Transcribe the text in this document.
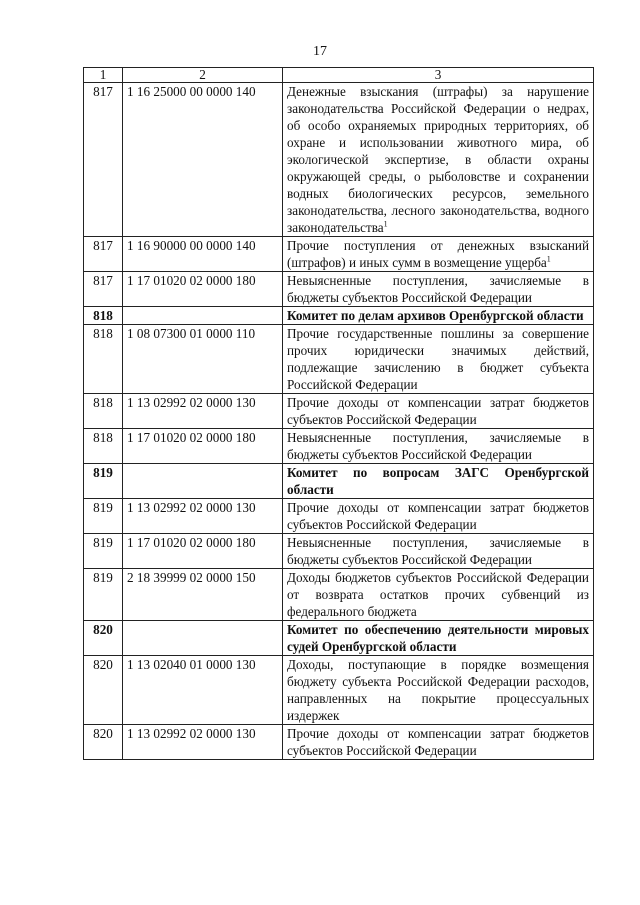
17
1	2	3
817	1 16 25000 00 0000 140	Денежные взыскания (штрафы) за нарушение законодательства Российской Федерации о недрах, об особо охраняемых природных территориях, об охране и использовании животного мира, об экологической экспертизе, в области охраны окружающей среды, о рыболовстве и сохранении водных биологических ресурсов, земельного законодательства, лесного законодательства, водного законодательства$^1$
817	1 16 90000 00 0000 140	Прочие поступления от денежных взысканий (штрафов) и иных сумм в возмещение ущерба$^1$
817	1 17 01020 02 0000 180	Невыясненные поступления, зачисляемые в бюджеты субъектов Российской Федерации
818		Комитет по делам архивов Оренбургской области
818	1 08 07300 01 0000 110	Прочие государственные пошлины за совершение прочих юридически значимых действий, подлежащие зачислению в бюджет субъекта Российской Федерации
818	1 13 02992 02 0000 130	Прочие доходы от компенсации затрат бюджетов субъектов Российской Федерации
818	1 17 01020 02 0000 180	Невыясненные поступления, зачисляемые в бюджеты субъектов Российской Федерации
819		Комитет по вопросам ЗАГС Оренбургской области
819	1 13 02992 02 0000 130	Прочие доходы от компенсации затрат бюджетов субъектов Российской Федерации
819	1 17 01020 02 0000 180	Невыясненные поступления, зачисляемые в бюджеты субъектов Российской Федерации
819	2 18 39999 02 0000 150	Доходы бюджетов субъектов Российской Федерации от возврата остатков прочих субвенций из федерального бюджета
820		Комитет по обеспечению деятельности мировых судей Оренбургской области
820	1 13 02040 01 0000 130	Доходы, поступающие в порядке возмещения бюджету субъекта Российской Федерации расходов, направленных на покрытие процессуальных издержек
820	1 13 02992 02 0000 130	Прочие доходы от компенсации затрат бюджетов субъектов Российской Федерации
